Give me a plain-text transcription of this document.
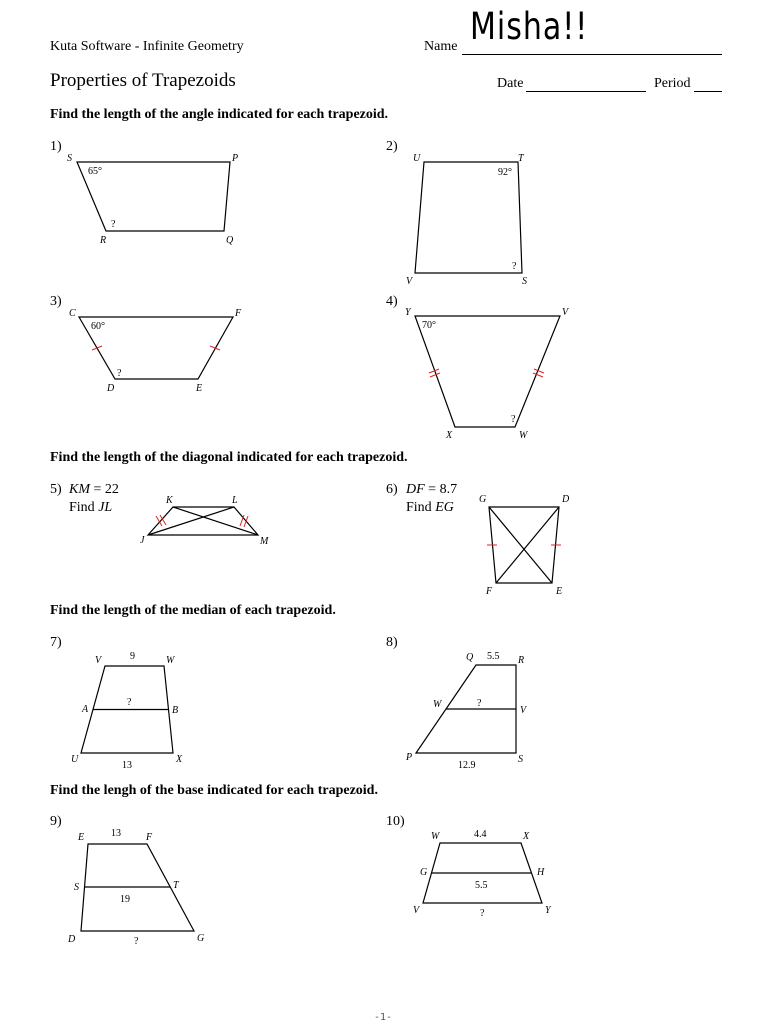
Kuta Software - Infinite Geometry	Name Misha!!
Properties of Trapezoids	Date	Period
Find the length of the angle indicated for each trapezoid.
Find the length of the diagonal indicated for each trapezoid.
Find the length of the median of each trapezoid.
Find the lengh of the base indicated for each trapezoid.
1)	2)
3)	4)
5)	6)
7)	8)
9)	10)
KM = 22
Find JL
DF = 8.7
Find EG
S	P
Q
R
U	T
S
V
C	F
E
D
Y	V
W
X
K	L
M
J
G	D
E
F
V	W
B
X
U
A
Q	R
V
S
P
W
E	F
T
G
D
S
W	X
H
Y
V
G
65°
?
92°
?
60°
?
70°
?
9
?
13
5.5
?
12.9
13
19
?
4.4
5.5
?
-1-
